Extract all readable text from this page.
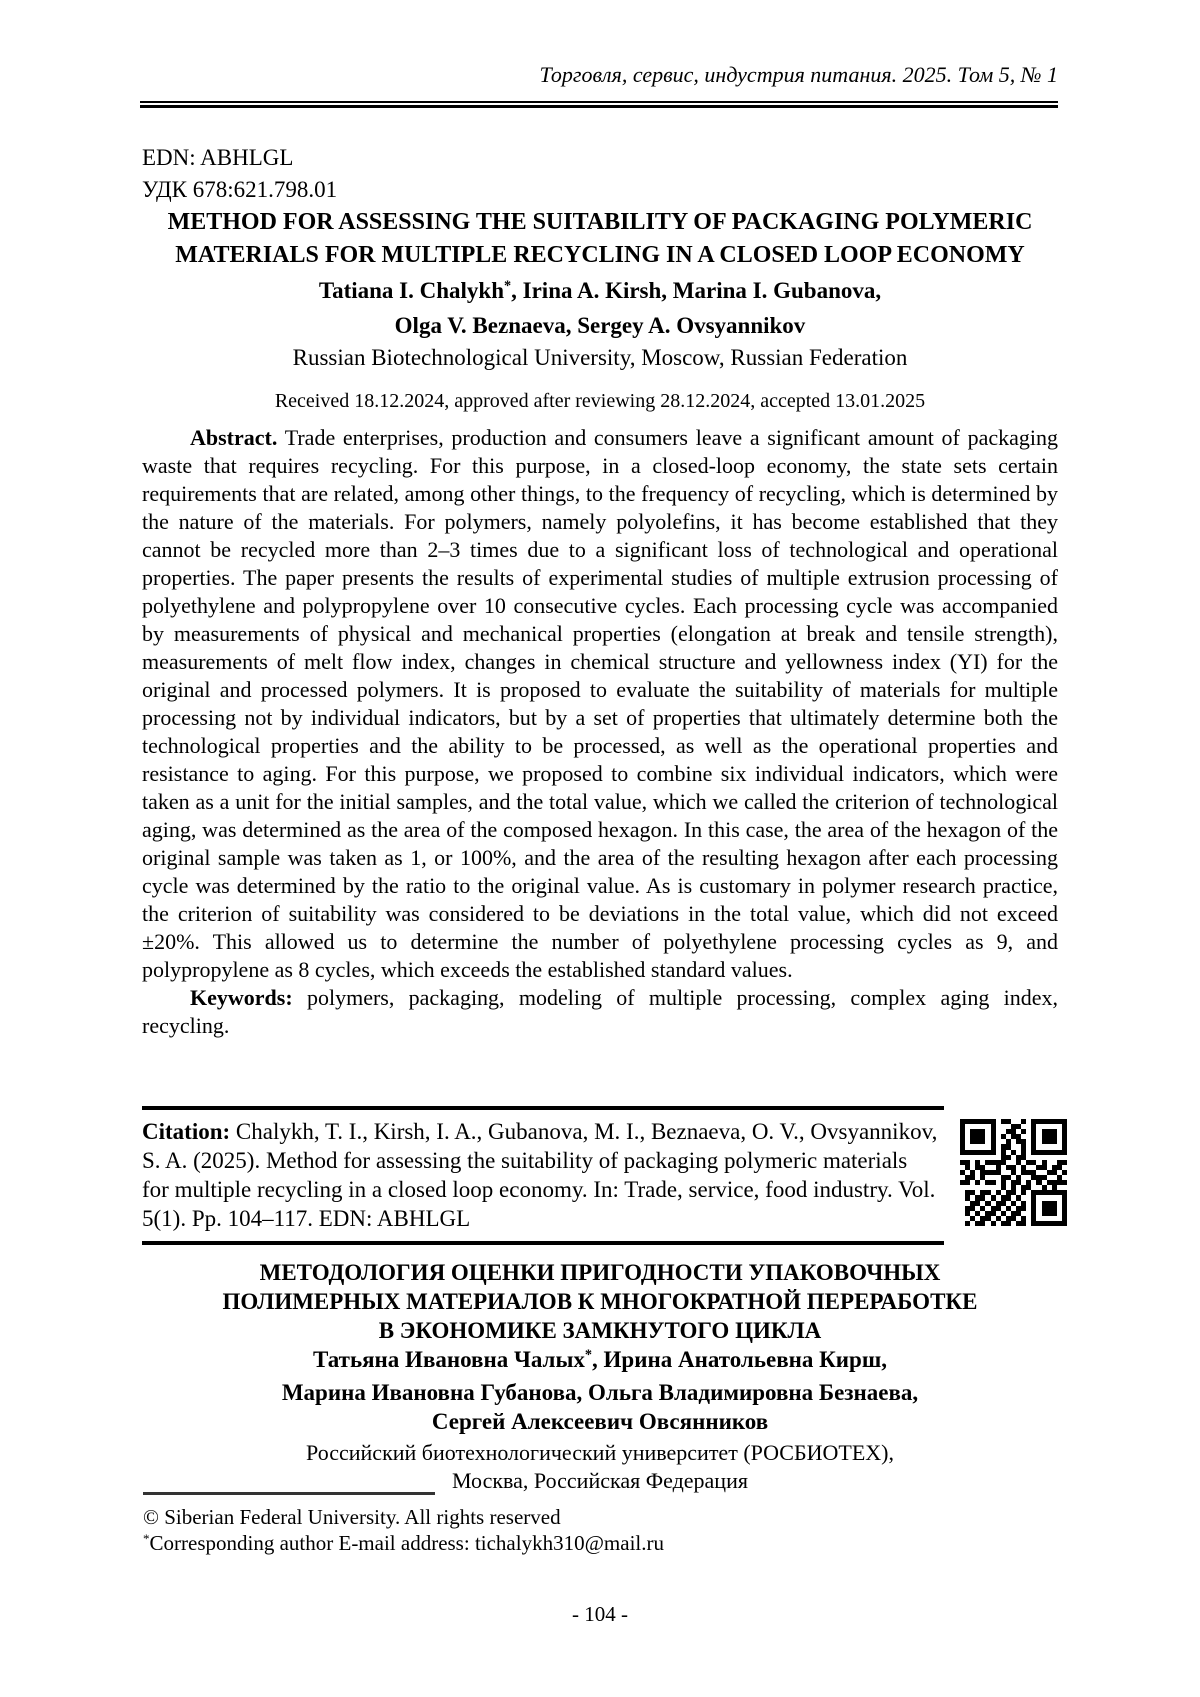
Торговля, сервис, индустрия питания. 2025. Том 5, № 1
EDN: ABHLGL
УДК 678:621.798.01
METHOD FOR ASSESSING THE SUITABILITY OF PACKAGING POLYMERIC
MATERIALS FOR MULTIPLE RECYCLING IN A CLOSED LOOP ECONOMY
Tatiana I. Chalykh*, Irina A. Kirsh, Marina I. Gubanova,
Olga V. Beznaeva, Sergey A. Ovsyannikov
Russian Biotechnological University, Moscow, Russian Federation
Received 18.12.2024, approved after reviewing 28.12.2024, accepted 13.01.2025

Abstract. Trade enterprises, production and consumers leave a significant amount of packaging waste that requires recycling. For this purpose, in a closed-loop economy, the state sets certain requirements that are related, among other things, to the frequency of recycling, which is determined by the nature of the materials. For polymers, namely polyolefins, it has become established that they cannot be recycled more than 2–3 times due to a significant loss of technological and operational properties. The paper presents the results of experimental studies of multiple extrusion processing of polyethylene and polypropylene over 10 consecutive cycles. Each processing cycle was accompanied by measurements of physical and mechanical properties (elongation at break and tensile strength), measurements of melt flow index, changes in chemical structure and yellowness index (YI) for the original and processed polymers. It is proposed to evaluate the suitability of materials for multiple processing not by individual indicators, but by a set of properties that ultimately determine both the technological properties and the ability to be processed, as well as the operational properties and resistance to aging. For this purpose, we proposed to combine six individual indicators, which were taken as a unit for the initial samples, and the total value, which we called the criterion of technological aging, was determined as the area of the composed hexagon. In this case, the area of the hexagon of the original sample was taken as 1, or 100%, and the area of the resulting hexagon after each processing cycle was determined by the ratio to the original value. As is customary in polymer research practice, the criterion of suitability was considered to be deviations in the total value, which did not exceed ±20%. This allowed us to determine the number of polyethylene processing cycles as 9, and polypropylene as 8 cycles, which exceeds the established standard values.

Keywords: polymers, packaging, modeling of multiple processing, complex aging index, recycling.

Citation: Chalykh, T. I., Kirsh, I. A., Gubanova, M. I., Beznaeva, O. V., Ovsyannikov, S. A. (2025). Method for assessing the suitability of packaging polymeric materials for multiple recycling in a closed loop economy. In: Trade, service, food industry. Vol. 5(1). Pp. 104–117. EDN: ABHLGL
МЕТОДОЛОГИЯ ОЦЕНКИ ПРИГОДНОСТИ УПАКОВОЧНЫХ
ПОЛИМЕРНЫХ МАТЕРИАЛОВ К МНОГОКРАТНОЙ ПЕРЕРАБОТКЕ
В ЭКОНОМИКЕ ЗАМКНУТОГО ЦИКЛА
Татьяна Ивановна Чалых*, Ирина Анатольевна Кирш,
Марина Ивановна Губанова, Ольга Владимировна Безнаева,
Сергей Алексеевич Овсянников
Российский биотехнологический университет (РОСБИОТЕХ),
Москва, Российская Федерация
© Siberian Federal University. All rights reserved
*Corresponding author E-mail address: tichalykh310@mail.ru
- 104 -
